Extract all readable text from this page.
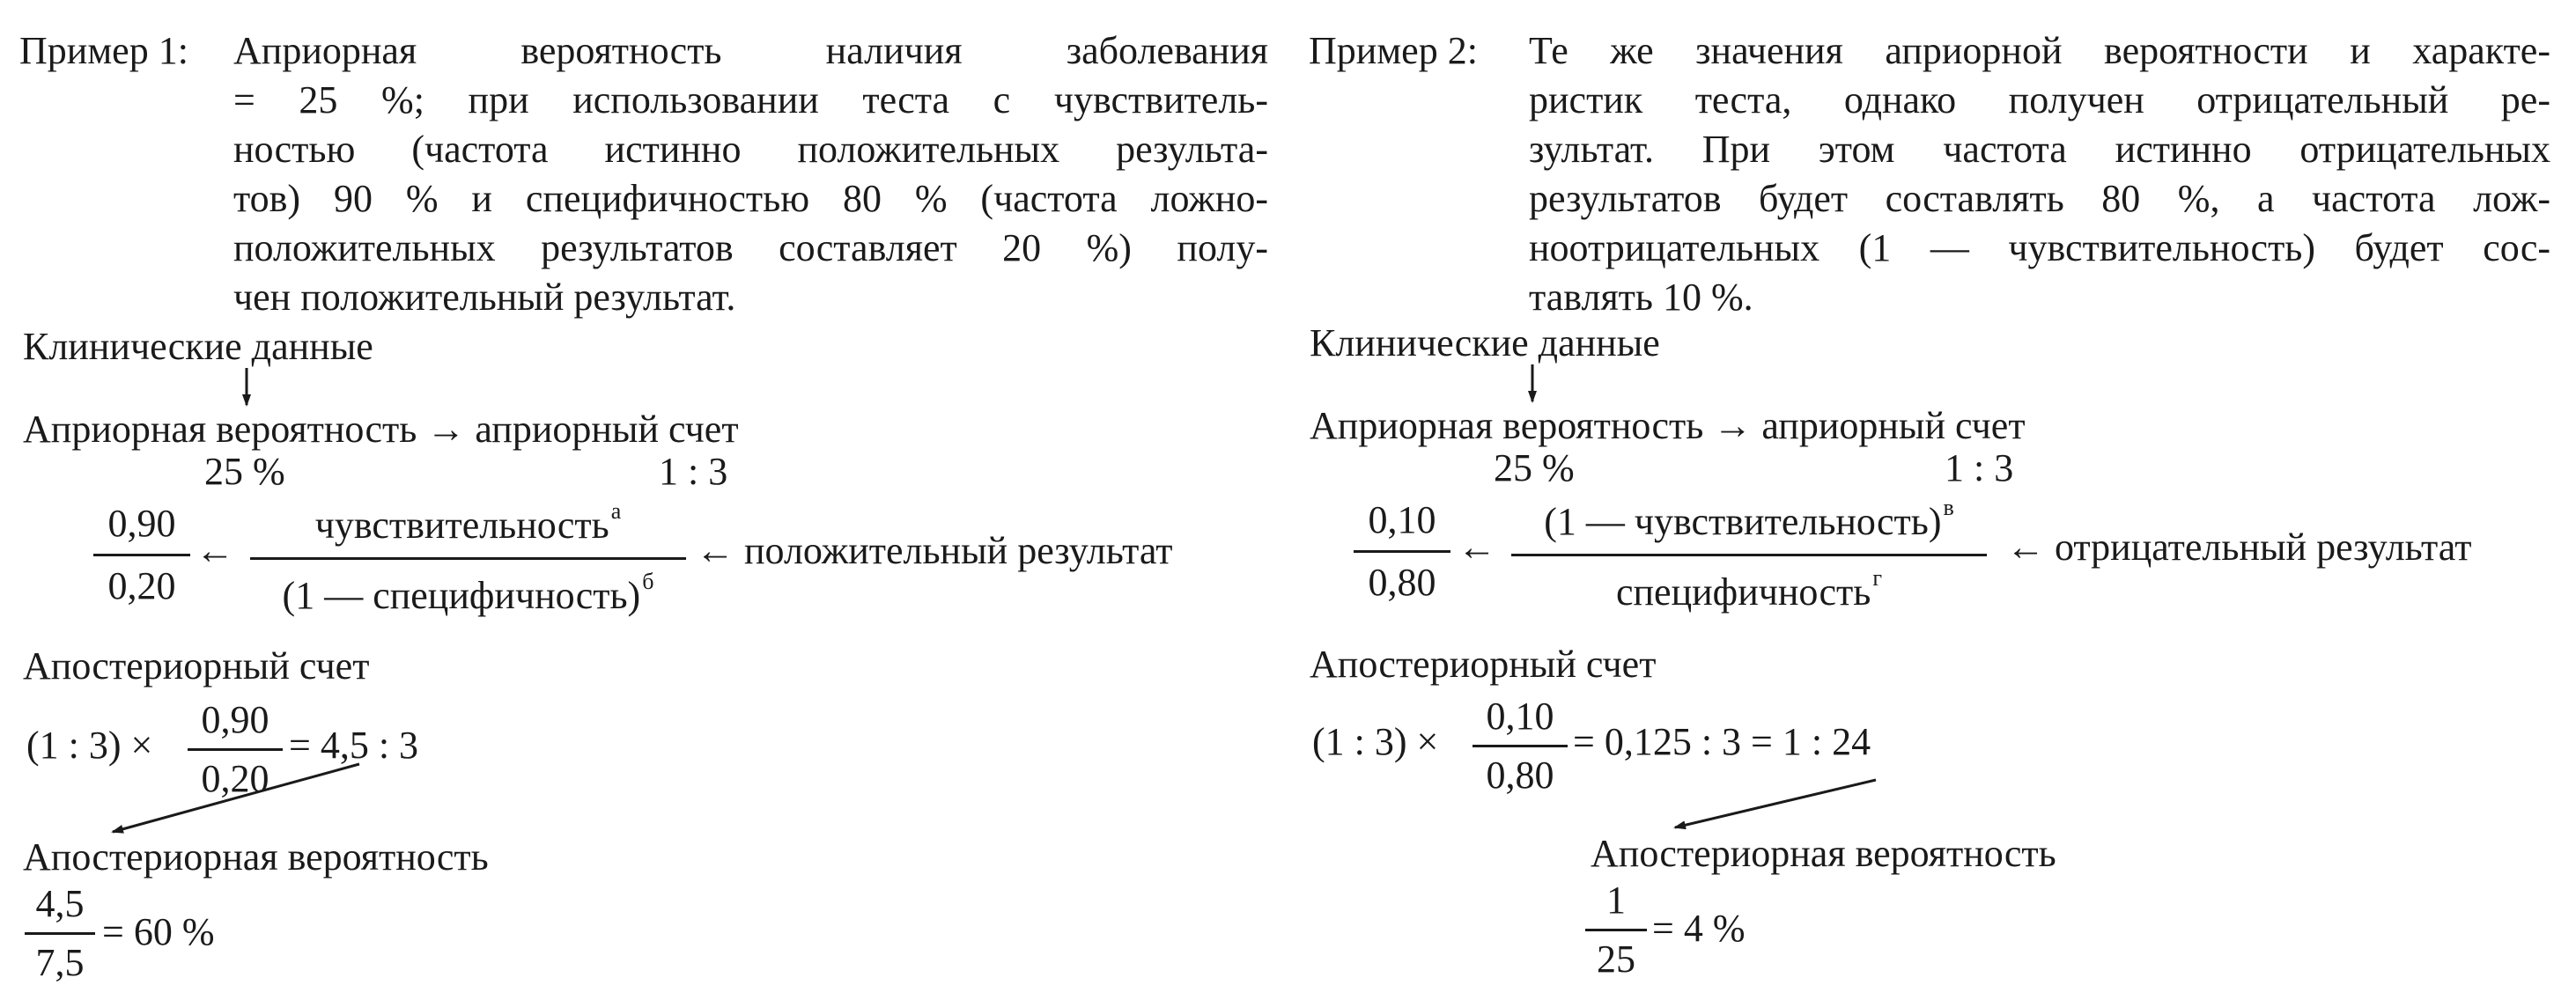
Пример 1: Априорная вероятность наличия заболевания
= 25 %; при использовании теста с чувствитель-
ностью (частота истинно положительных результа-
тов) 90 % и специфичностью 80 % (частота ложно-
положительных результатов составляет 20 %) полу-
чен положительный результат.
Клинические данные
Априорная вероятность → априорный счет
25 %	1 : 3
0,90
0,20
←
чувствительность$^а$
(1 — специфичность)$^б$
← положительный результат
Апостериорный счет
(1 : 3) ×
0,90
0,20
= 4,5 : 3
Апостериорная вероятность
4,5
7,5
= 60 %
Пример 2: Те же значения априорной вероятности и характе-
ристик теста, однако получен отрицательный ре-
зультат. При этом частота истинно отрицательных
результатов будет составлять 80 %, а частота лож-
ноотрицательных (1 — чувствительность) будет сос-
тавлять 10 %.
Клинические данные
Априорная вероятность → априорный счет
25 %	1 : 3
0,10
0,80
←
(1 — чувствительность)$^в$
специфичность$^г$
← отрицательный результат
Апостериорный счет
(1 : 3) ×
0,10
0,80
= 0,125 : 3 = 1 : 24
Апостериорная вероятность
1
25
= 4 %
